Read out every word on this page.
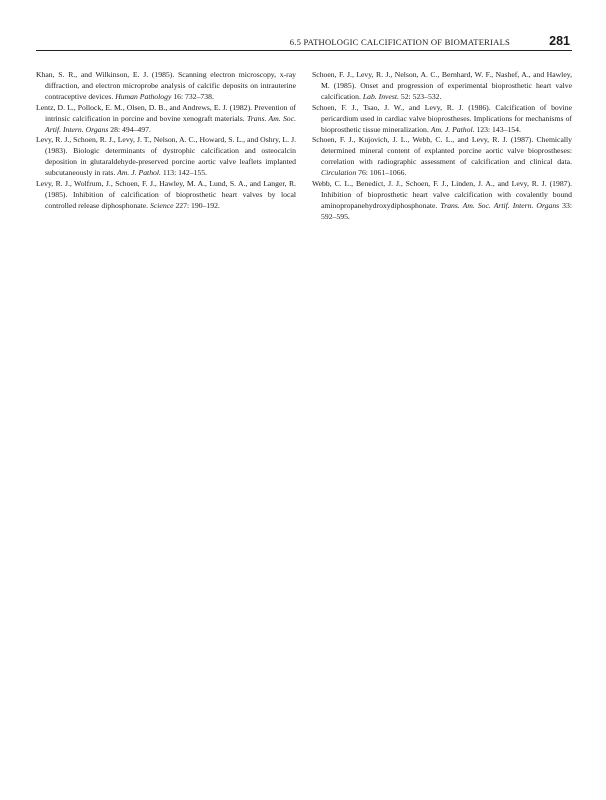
6.5 PATHOLOGIC CALCIFICATION OF BIOMATERIALS	281

Khan, S. R., and Wilkinson, E. J. (1985). Scanning electron microscopy, x-ray diffraction, and electron microprobe analysis of calcific deposits on intrauterine contraceptive devices. Human Pathology 16: 732–738.

Lentz, D. L., Pollock, E. M., Olsen, D. B., and Andrews, E. J. (1982). Prevention of intrinsic calcification in porcine and bovine xenograft materials. Trans. Am. Soc. Artif. Intern. Organs 28: 494–497.

Levy, R. J., Schoen, R. J., Levy, J. T., Nelson, A. C., Howard, S. L., and Oshry, L. J. (1983). Biologic determinants of dystrophic calcification and osteocalcin deposition in glutaraldehyde-preserved porcine aortic valve leaflets implanted subcutaneously in rats. Am. J. Pathol. 113: 142–155.

Levy, R. J., Wolfrum, J., Schoen, F. J., Hawley, M. A., Lund, S. A., and Langer, R. (1985). Inhibition of calcification of bioprosthetic heart valves by local controlled release diphosphonate. Science 227: 190–192.

Schoen, F. J., Levy, R. J., Nelson, A. C., Bernhard, W. F., Nashef, A., and Hawley, M. (1985). Onset and progression of experimental bioprosthetic heart valve calcification. Lab. Invest. 52: 523–532.

Schoen, F. J., Tsao, J. W., and Levy, R. J. (1986). Calcification of bovine pericardium used in cardiac valve bioprostheses. Implications for mechanisms of bioprosthetic tissue mineralization. Am. J. Pathol. 123: 143–154.

Schoen, F. J., Kujovich, J. L., Webb, C. L., and Levy, R. J. (1987). Chemically determined mineral content of explanted porcine aortic valve bioprostheses: correlation with radiographic assessment of calcification and clinical data. Circulation 76: 1061–1066.

Webb, C. L., Benedict, J. J., Schoen, F. J., Linden, J. A., and Levy, R. J. (1987). Inhibition of bioprosthetic heart valve calcification with covalently bound aminopropanehydroxydiphosphonate. Trans. Am. Soc. Artif. Intern. Organs 33: 592–595.
